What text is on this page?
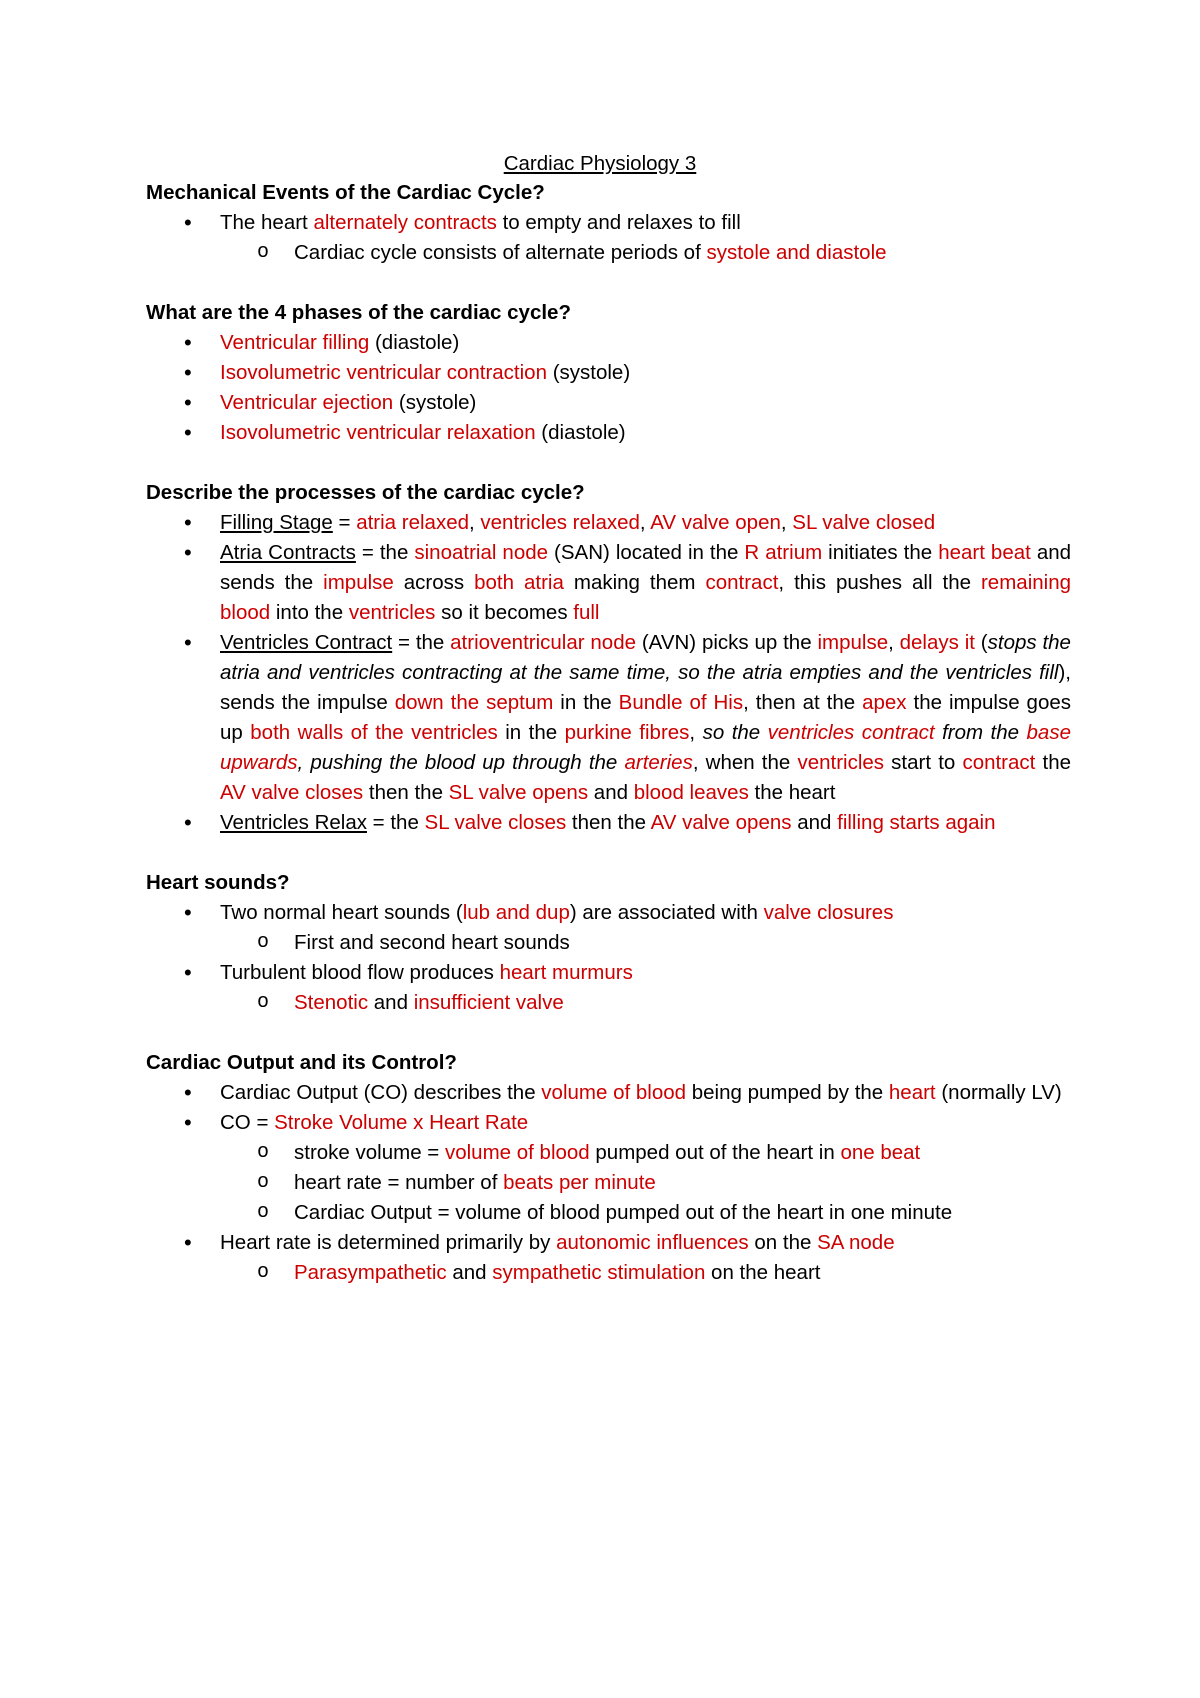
Cardiac Physiology 3
Mechanical Events of the Cardiac Cycle?
• The heart alternately contracts to empty and relaxes to fill
o Cardiac cycle consists of alternate periods of systole and diastole
What are the 4 phases of the cardiac cycle?
• Ventricular filling (diastole)
• Isovolumetric ventricular contraction (systole)
• Ventricular ejection (systole)
• Isovolumetric ventricular relaxation (diastole)
Describe the processes of the cardiac cycle?
• Filling Stage = atria relaxed, ventricles relaxed, AV valve open, SL valve closed
• Atria Contracts = the sinoatrial node (SAN) located in the R atrium initiates the heart beat and sends the impulse across both atria making them contract, this pushes all the remaining blood into the ventricles so it becomes full
• Ventricles Contract = the atrioventricular node (AVN) picks up the impulse, delays it (stops the atria and ventricles contracting at the same time, so the atria empties and the ventricles fill), sends the impulse down the septum in the Bundle of His, then at the apex the impulse goes up both walls of the ventricles in the purkine fibres, so the ventricles contract from the base upwards, pushing the blood up through the arteries, when the ventricles start to contract the AV valve closes then the SL valve opens and blood leaves the heart
• Ventricles Relax = the SL valve closes then the AV valve opens and filling starts again
Heart sounds?
• Two normal heart sounds (lub and dup) are associated with valve closures
o First and second heart sounds
• Turbulent blood flow produces heart murmurs
o Stenotic and insufficient valve
Cardiac Output and its Control?
• Cardiac Output (CO) describes the volume of blood being pumped by the heart (normally LV)
• CO = Stroke Volume x Heart Rate
o stroke volume = volume of blood pumped out of the heart in one beat
o heart rate = number of beats per minute
o Cardiac Output = volume of blood pumped out of the heart in one minute
• Heart rate is determined primarily by autonomic influences on the SA node
o Parasympathetic and sympathetic stimulation on the heart
